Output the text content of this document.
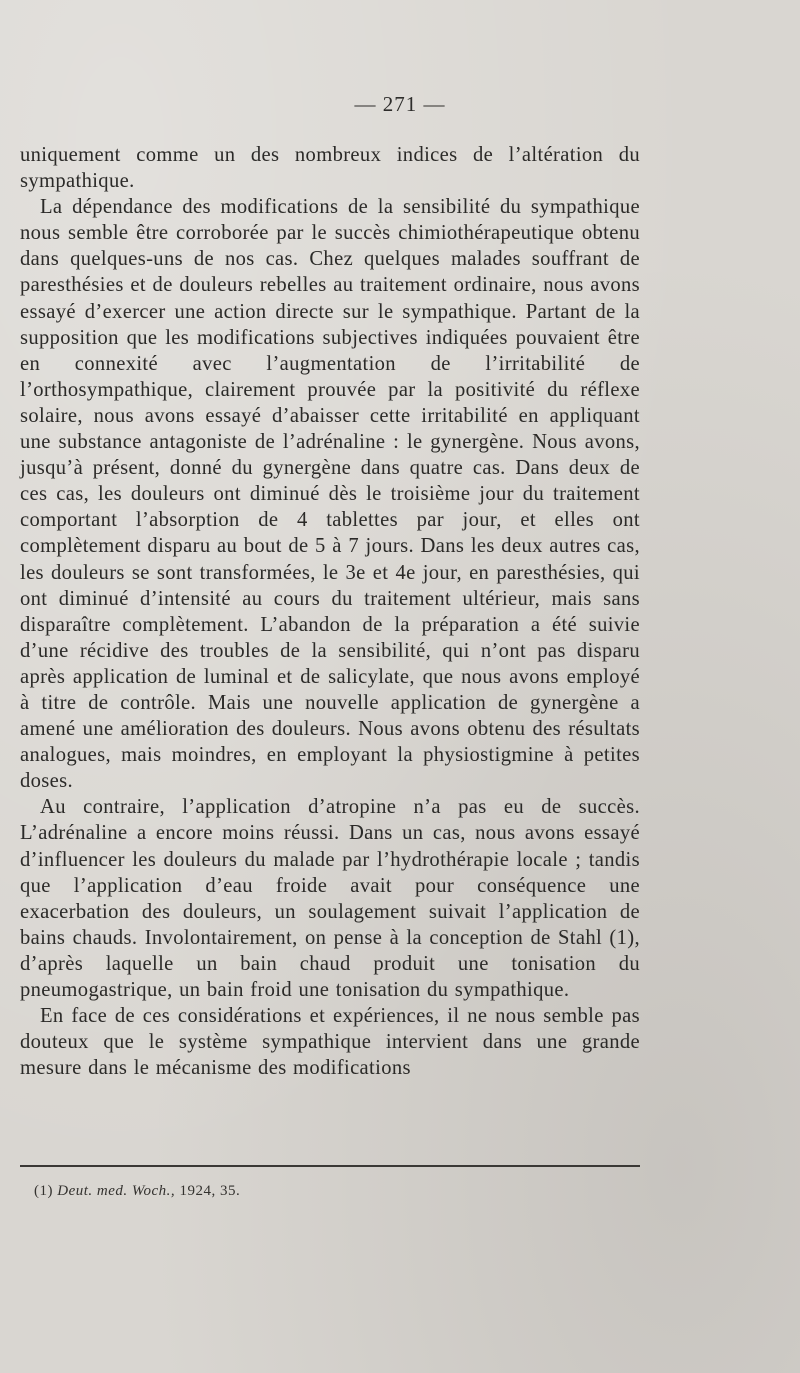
— 271 —

uniquement comme un des nombreux indices de l’altération du sympathique.

La dépendance des modifications de la sensibilité du sympathique nous semble être corroborée par le succès chimiothérapeutique obtenu dans quelques-uns de nos cas. Chez quelques malades souffrant de paresthésies et de douleurs rebelles au traitement ordinaire, nous avons essayé d’exercer une action directe sur le sympathique. Partant de la supposition que les modifications subjectives indiquées pouvaient être en connexité avec l’augmentation de l’irritabilité de l’orthosympathique, clairement prouvée par la positivité du réflexe solaire, nous avons essayé d’abaisser cette irritabilité en appliquant une substance antagoniste de l’adrénaline : le gynergène. Nous avons, jusqu’à présent, donné du gynergène dans quatre cas. Dans deux de ces cas, les douleurs ont diminué dès le troisième jour du traitement comportant l’absorption de 4 tablettes par jour, et elles ont complètement disparu au bout de 5 à 7 jours. Dans les deux autres cas, les douleurs se sont transformées, le 3e et 4e jour, en paresthésies, qui ont diminué d’intensité au cours du traitement ultérieur, mais sans disparaître complètement. L’abandon de la préparation a été suivie d’une récidive des troubles de la sensibilité, qui n’ont pas disparu après application de luminal et de salicylate, que nous avons employé à titre de contrôle. Mais une nouvelle application de gynergène a amené une amélioration des douleurs. Nous avons obtenu des résultats analogues, mais moindres, en employant la physiostigmine à petites doses.

Au contraire, l’application d’atropine n’a pas eu de succès. L’adrénaline a encore moins réussi. Dans un cas, nous avons essayé d’influencer les douleurs du malade par l’hydrothérapie locale ; tandis que l’application d’eau froide avait pour conséquence une exacerbation des douleurs, un soulagement suivait l’application de bains chauds. Involontairement, on pense à la conception de Stahl (1), d’après laquelle un bain chaud produit une tonisation du pneumogastrique, un bain froid une tonisation du sympathique.

En face de ces considérations et expériences, il ne nous semble pas douteux que le système sympathique intervient dans une grande mesure dans le mécanisme des modifications

(1) Deut. med. Woch., 1924, 35.
